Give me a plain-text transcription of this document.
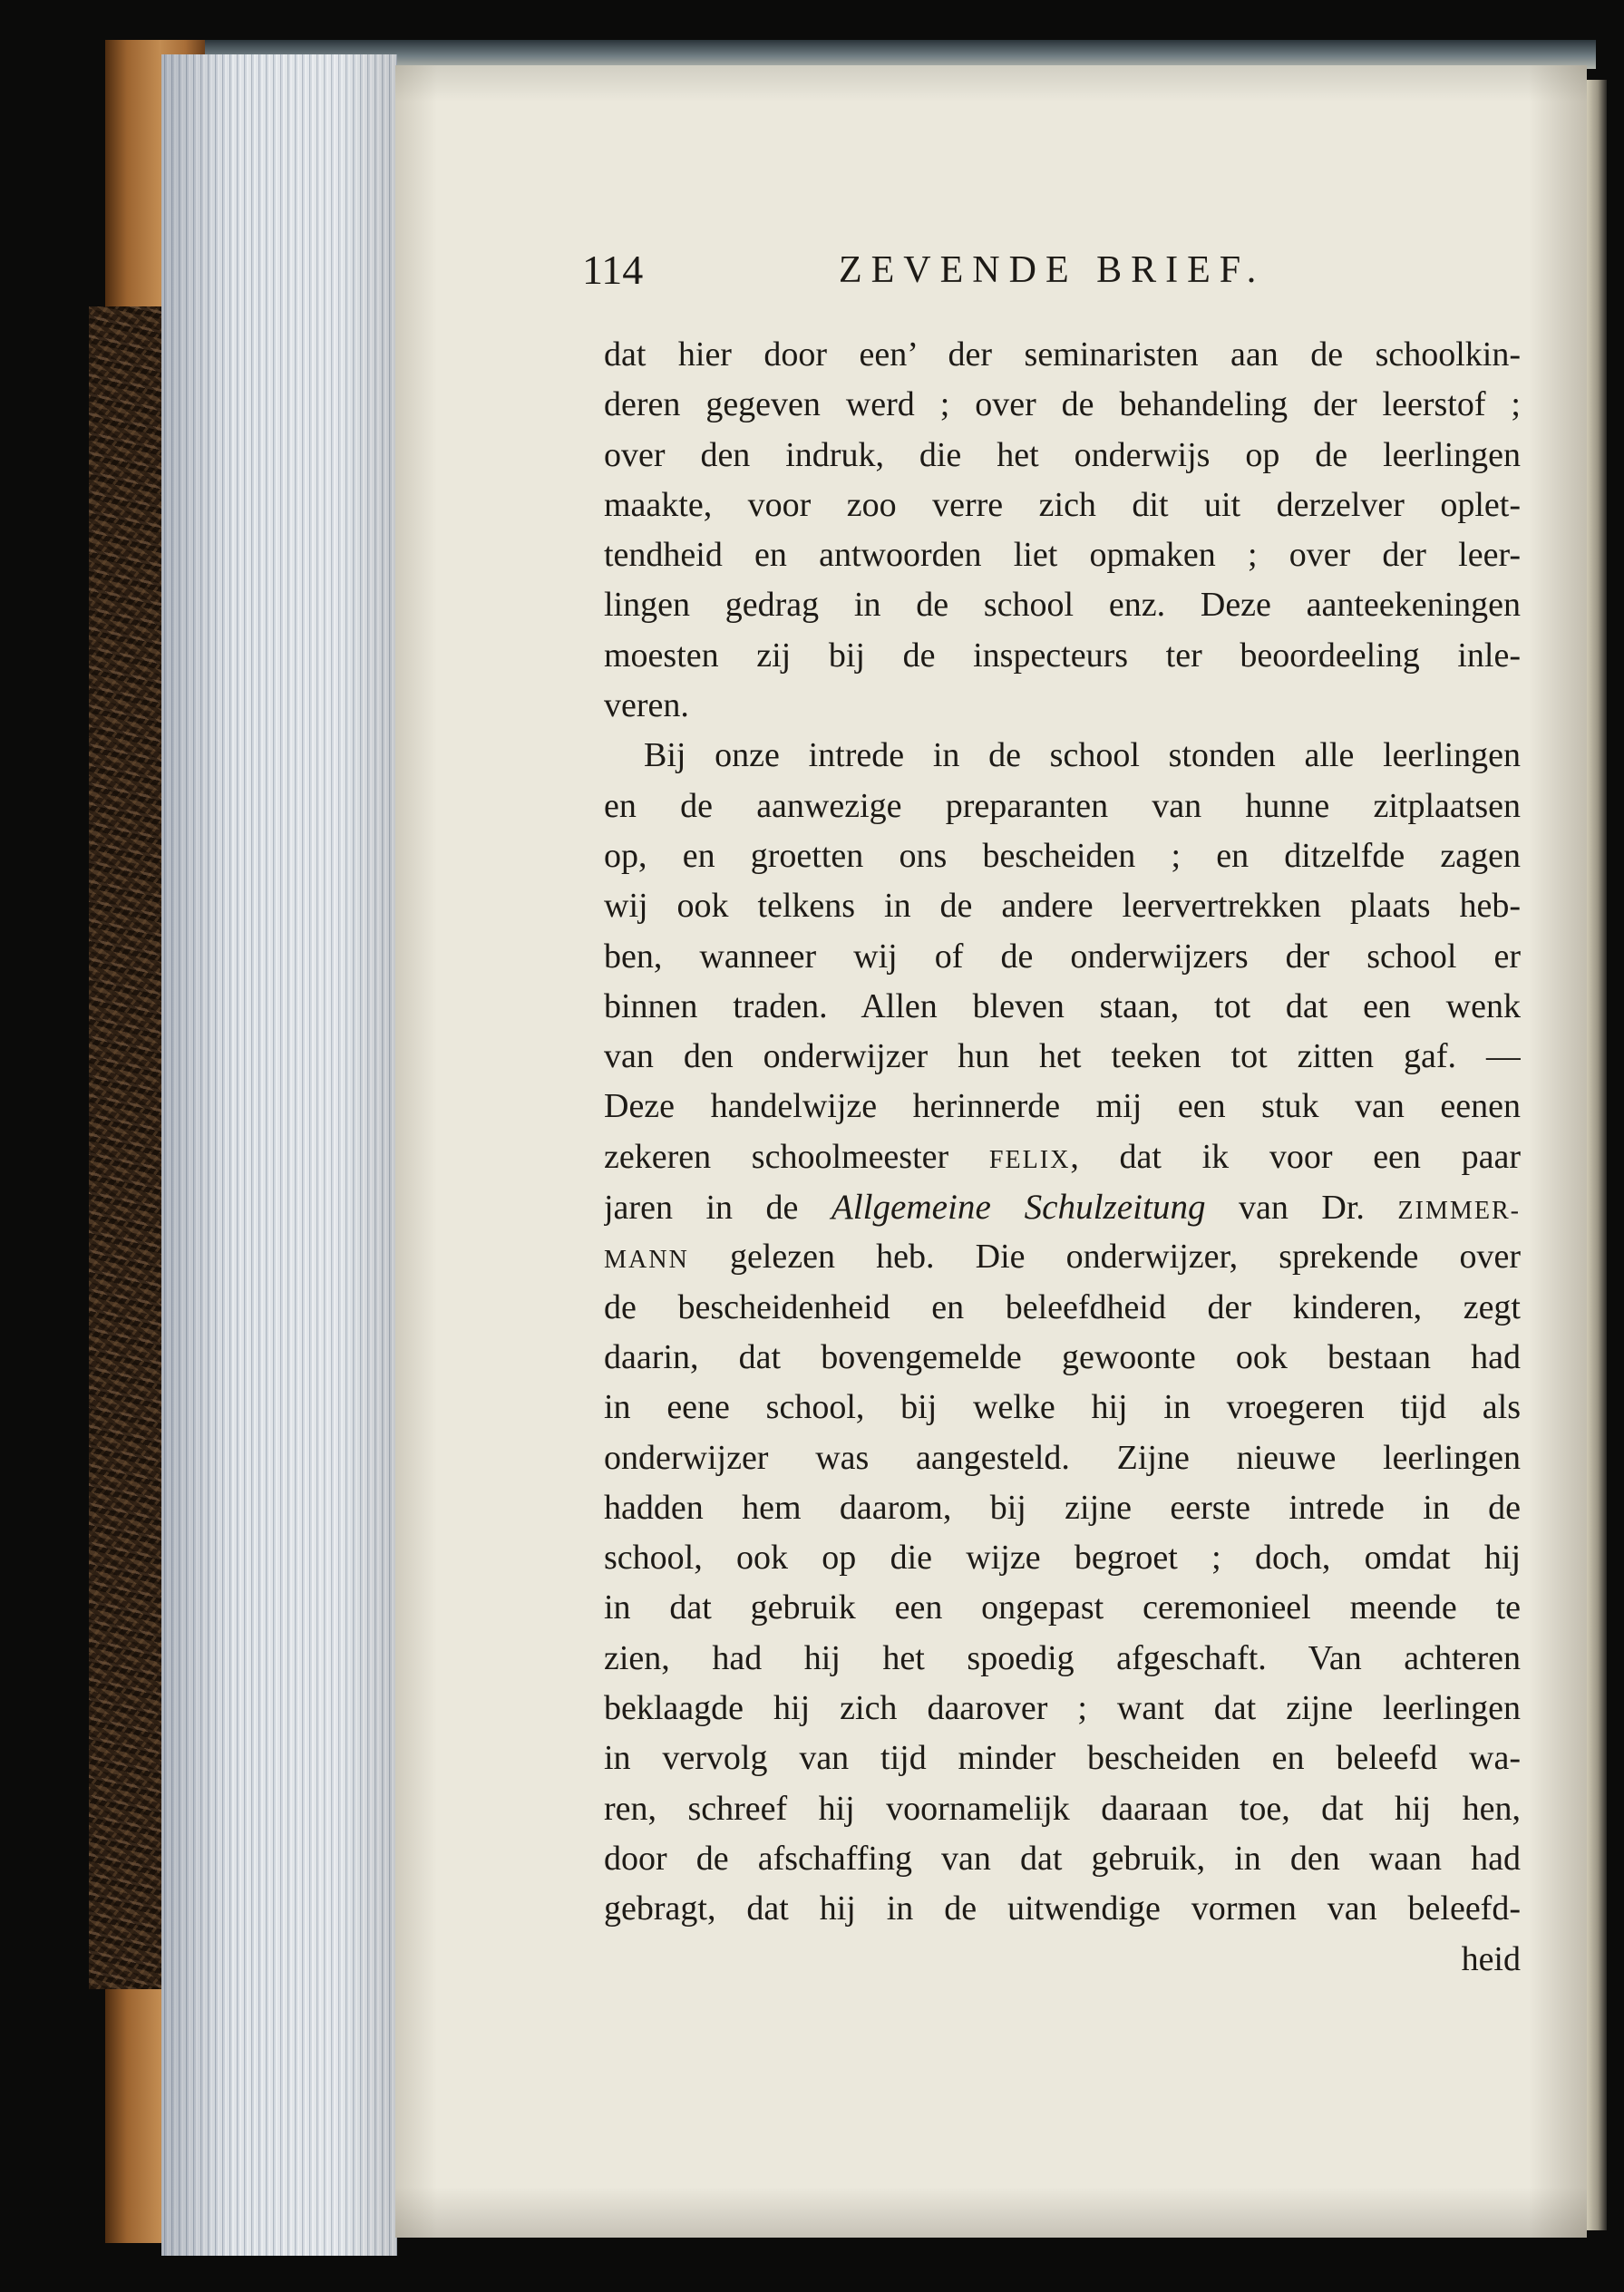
114	ZEVENDE BRIEF.
dat hier door een’ der seminaristen aan de schoolkin-
deren gegeven werd ; over de behandeling der leerstof ;
over den indruk, die het onderwijs op de leerlingen
maakte, voor zoo verre zich dit uit derzelver oplet-
tendheid en antwoorden liet opmaken ; over der leer-
lingen gedrag in de school enz. Deze aanteekeningen
moesten zij bij de inspecteurs ter beoordeeling inle-
veren.
Bij onze intrede in de school stonden alle leerlingen
en de aanwezige preparanten van hunne zitplaatsen
op, en groetten ons bescheiden ; en ditzelfde zagen
wij ook telkens in de andere leervertrekken plaats heb-
ben, wanneer wij of de onderwijzers der school er
binnen traden. Allen bleven staan, tot dat een wenk
van den onderwijzer hun het teeken tot zitten gaf. —
Deze handelwijze herinnerde mij een stuk van eenen
zekeren schoolmeester FELIX, dat ik voor een paar
jaren in de Allgemeine Schulzeitung van Dr. ZIMMER-
MANN gelezen heb. Die onderwijzer, sprekende over
de bescheidenheid en beleefdheid der kinderen, zegt
daarin, dat bovengemelde gewoonte ook bestaan had
in eene school, bij welke hij in vroegeren tijd als
onderwijzer was aangesteld. Zijne nieuwe leerlingen
hadden hem daarom, bij zijne eerste intrede in de
school, ook op die wijze begroet ; doch, omdat hij
in dat gebruik een ongepast ceremonieel meende te
zien, had hij het spoedig afgeschaft. Van achteren
beklaagde hij zich daarover ; want dat zijne leerlingen
in vervolg van tijd minder bescheiden en beleefd wa-
ren, schreef hij voornamelijk daaraan toe, dat hij hen,
door de afschaffing van dat gebruik, in den waan had
gebragt, dat hij in de uitwendige vormen van beleefd-
heid
